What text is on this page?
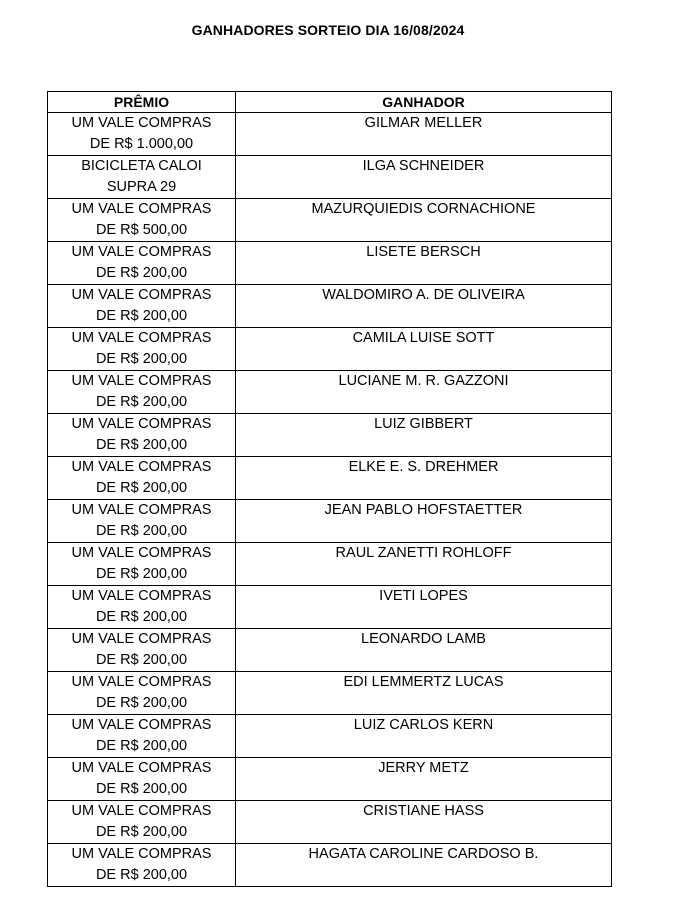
GANHADORES SORTEIO DIA 16/08/2024
PRÊMIO	GANHADOR

UM VALE COMPRAS
DE R$ 1.000,00	GILMAR MELLER

BICICLETA CALOI
SUPRA 29	ILGA SCHNEIDER

UM VALE COMPRAS
DE R$ 500,00	MAZURQUIEDIS CORNACHIONE

UM VALE COMPRAS
DE R$ 200,00	LISETE BERSCH

UM VALE COMPRAS
DE R$ 200,00	WALDOMIRO A. DE OLIVEIRA

UM VALE COMPRAS
DE R$ 200,00	CAMILA LUISE SOTT

UM VALE COMPRAS
DE R$ 200,00	LUCIANE M. R. GAZZONI

UM VALE COMPRAS
DE R$ 200,00	LUIZ GIBBERT

UM VALE COMPRAS
DE R$ 200,00	ELKE E. S. DREHMER

UM VALE COMPRAS
DE R$ 200,00	JEAN PABLO HOFSTAETTER

UM VALE COMPRAS
DE R$ 200,00	RAUL ZANETTI ROHLOFF

UM VALE COMPRAS
DE R$ 200,00	IVETI LOPES

UM VALE COMPRAS
DE R$ 200,00	LEONARDO LAMB

UM VALE COMPRAS
DE R$ 200,00	EDI LEMMERTZ LUCAS

UM VALE COMPRAS
DE R$ 200,00	LUIZ CARLOS KERN

UM VALE COMPRAS
DE R$ 200,00	JERRY METZ

UM VALE COMPRAS
DE R$ 200,00	CRISTIANE HASS

UM VALE COMPRAS
DE R$ 200,00	HAGATA CAROLINE CARDOSO B.
